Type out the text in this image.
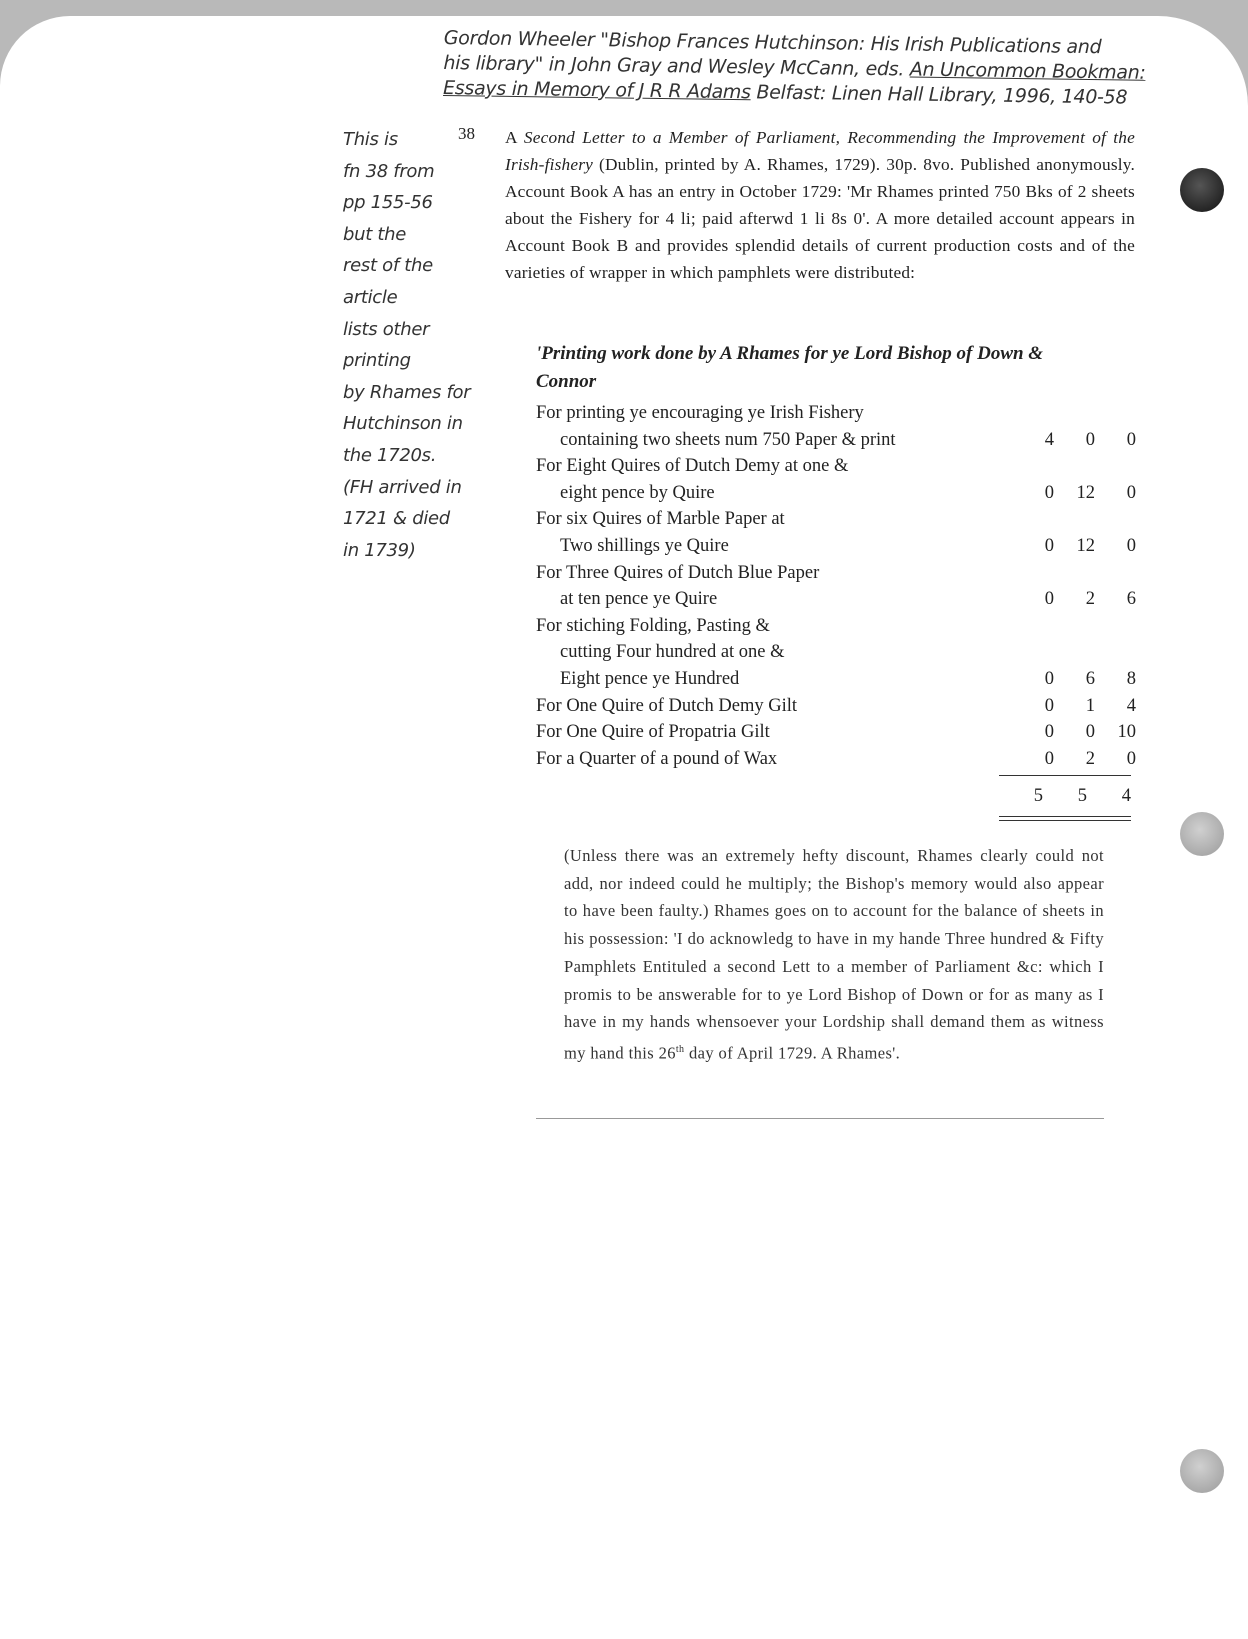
Gordon Wheeler "Bishop Frances Hutchinson: His Irish Publications and
his library" in John Gray and Wesley McCann, eds. An Uncommon Bookman:
Essays in Memory of J R R Adams Belfast: Linen Hall Library, 1996, 140-58
This is
fn 38 from
pp 155-56
but the
rest of the
article
lists other
printing
by Rhames for
Hutchinson in
the 1720s.
(FH arrived in
1721 & died
in 1739)
38 A Second Letter to a Member of Parliament, Recommending the Improvement of the Irish-fishery (Dublin, printed by A. Rhames, 1729). 30p. 8vo. Published anonymously. Account Book A has an entry in October 1729: 'Mr Rhames printed 750 Bks of 2 sheets about the Fishery for 4 li; paid afterwd 1 li 8s 0'. A more detailed account appears in Account Book B and provides splendid details of current production costs and of the varieties of wrapper in which pamphlets were distributed:
'Printing work done by A Rhames for ye Lord Bishop of Down & Connor
For printing ye encouraging ye Irish Fishery
containing two sheets num 750 Paper & print	4	0	0
For Eight Quires of Dutch Demy at one &
eight pence by Quire	0	12	0
For six Quires of Marble Paper at
Two shillings ye Quire	0	12	0
For Three Quires of Dutch Blue Paper
at ten pence ye Quire	0	2	6
For stiching Folding, Pasting &
cutting Four hundred at one &
Eight pence ye Hundred	0	6	8
For One Quire of Dutch Demy Gilt	0	1	4
For One Quire of Propatria Gilt	0	0	10
For a Quarter of a pound of Wax	0	2	0
5	5	4
(Unless there was an extremely hefty discount, Rhames clearly could not add, nor indeed could he multiply; the Bishop's memory would also appear to have been faulty.) Rhames goes on to account for the balance of sheets in his possession: 'I do acknowledg to have in my hande Three hundred & Fifty Pamphlets Entituled a second Lett to a member of Parliament &c: which I promis to be answerable for to ye Lord Bishop of Down or for as many as I have in my hands whensoever your Lordship shall demand them as witness my hand this 26th day of April 1729. A Rhames'.
